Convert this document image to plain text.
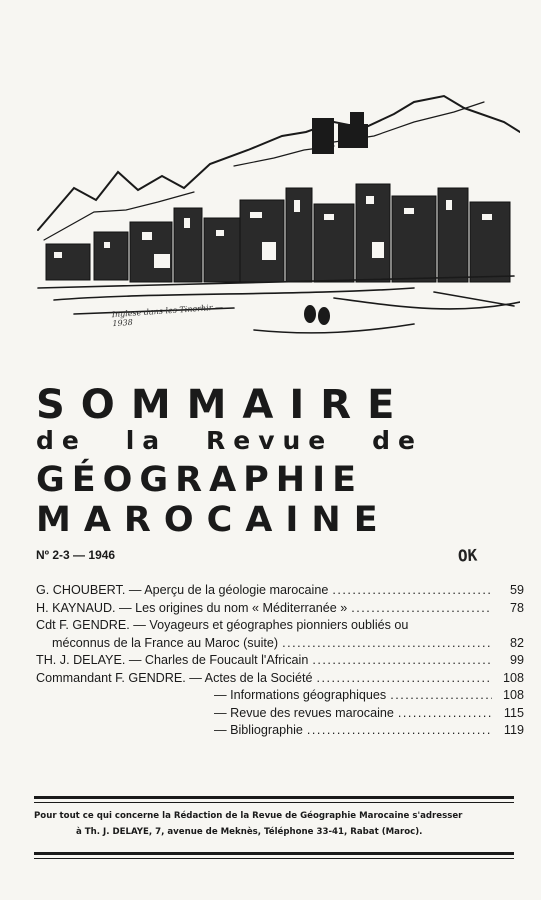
Inglese dans les Tinerhir — 1938
SOMMAIRE
de la Revue de
GÉOGRAPHIE
MAROCAINE
Nº 2-3 — 1946	OK
G. CHOUBERT. — Aperçu de la géologie marocaine .....	59
H. KAYNAUD. — Les origines du nom « Méditerranée » .....	78
Cdt F. GENDRE. — Voyageurs et géographes pionniers oubliés ou
méconnus de la France au Maroc (suite) .....	82
TH. J. DELAYE. — Charles de Foucault l'Africain .....	99
Commandant F. GENDRE. — Actes de la Société .....	108
— Informations géographiques .....	108
— Revue des revues marocaine .....	115
— Bibliographie .....	119
Pour tout ce qui concerne la Rédaction de la Revue de Géographie Marocaine s'adresser
à Th. J. DELAYE, 7, avenue de Meknès, Téléphone 33-41, Rabat (Maroc).
